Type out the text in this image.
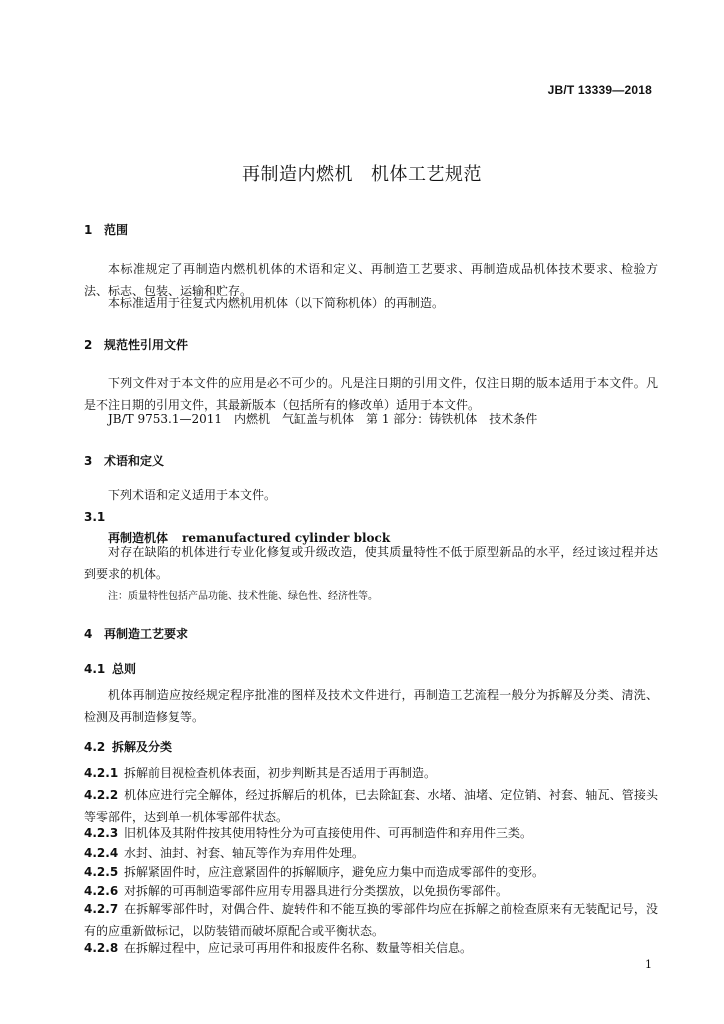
JB/T 13339—2018
再制造内燃机 机体工艺规范
1 范围
本标准规定了再制造内燃机机体的术语和定义、再制造工艺要求、再制造成品机体技术要求、检验方法、标志、包装、运输和贮存。
本标准适用于往复式内燃机用机体（以下简称机体）的再制造。
2 规范性引用文件
下列文件对于本文件的应用是必不可少的。凡是注日期的引用文件，仅注日期的版本适用于本文件。凡是不注日期的引用文件，其最新版本（包括所有的修改单）适用于本文件。
JB/T 9753.1—2011　内燃机　气缸盖与机体　第 1 部分：铸铁机体　技术条件
3 术语和定义
下列术语和定义适用于本文件。
3.1
再制造机体 remanufactured cylinder block
对存在缺陷的机体进行专业化修复或升级改造，使其质量特性不低于原型新品的水平，经过该过程并达到要求的机体。
注：质量特性包括产品功能、技术性能、绿色性、经济性等。
4 再制造工艺要求
4.1 总则
机体再制造应按经规定程序批准的图样及技术文件进行，再制造工艺流程一般分为拆解及分类、清洗、检测及再制造修复等。
4.2 拆解及分类
4.2.1 拆解前目视检查机体表面，初步判断其是否适用于再制造。
4.2.2 机体应进行完全解体，经过拆解后的机体，已去除缸套、水堵、油堵、定位销、衬套、轴瓦、管接头等零部件，达到单一机体零部件状态。
4.2.3 旧机体及其附件按其使用特性分为可直接使用件、可再制造件和弃用件三类。
4.2.4 水封、油封、衬套、轴瓦等作为弃用件处理。
4.2.5 拆解紧固件时，应注意紧固件的拆解顺序，避免应力集中而造成零部件的变形。
4.2.6 对拆解的可再制造零部件应用专用器具进行分类摆放，以免损伤零部件。
4.2.7 在拆解零部件时，对偶合件、旋转件和不能互换的零部件均应在拆解之前检查原来有无装配记号，没有的应重新做标记，以防装错而破坏原配合或平衡状态。
4.2.8 在拆解过程中，应记录可再用件和报废件名称、数量等相关信息。
1
